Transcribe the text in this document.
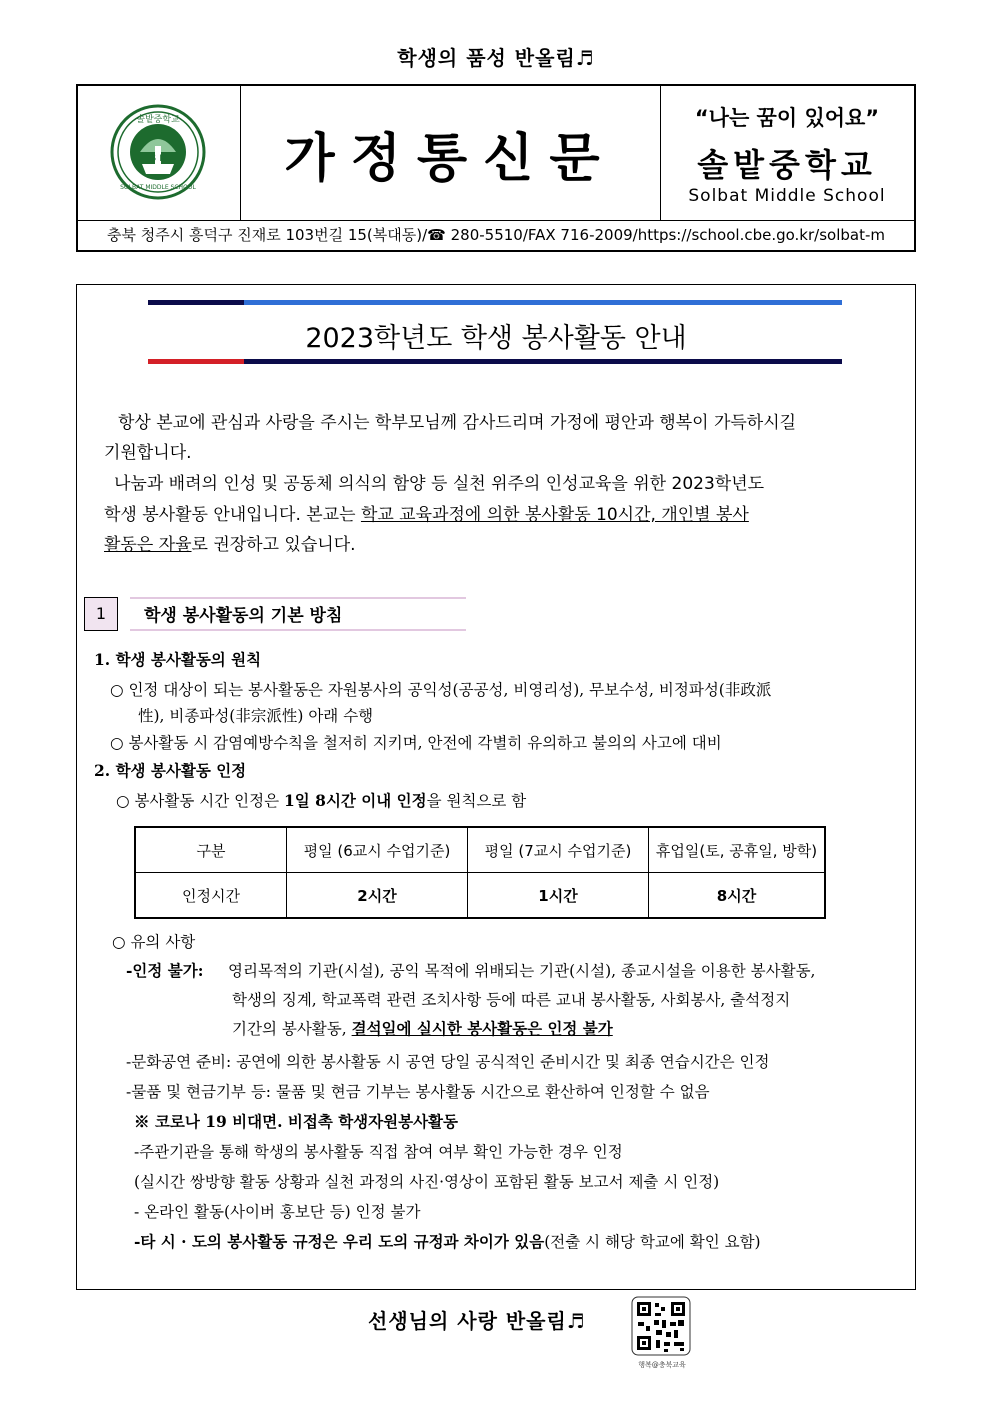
학생의 품성 반올림♬
솔밭중학교
SOLBAT MIDDLE SCHOOL
S B 가정통신문
“나는 꿈이 있어요”
솔밭중학교
Solbat Middle School
충북 청주시 흥덕구 진재로 103번길 15(복대동)/☎ 280-5510/FAX 716-2009/https://school.cbe.go.kr/solbat-m
2023학년도 학생 봉사활동 안내
항상 본교에 관심과 사랑을 주시는 학부모님께 감사드리며 가정에 평안과 행복이 가득하시길
기원합니다.
나눔과 배려의 인성 및 공동체 의식의 함양 등 실천 위주의 인성교육을 위한 2023학년도
학생 봉사활동 안내입니다. 본교는 학교 교육과정에 의한 봉사활동 10시간, 개인별 봉사
활동은 자율로 권장하고 있습니다.
1	학생 봉사활동의 기본 방침
1. 학생 봉사활동의 원칙
○ 인정 대상이 되는 봉사활동은 자원봉사의 공익성(공공성, 비영리성), 무보수성, 비정파성(非政派
性), 비종파성(非宗派性) 아래 수행
○ 봉사활동 시 감염예방수칙을 철저히 지키며, 안전에 각별히 유의하고 불의의 사고에 대비
2. 학생 봉사활동 인정
○ 봉사활동 시간 인정은 1일 8시간 이내 인정을 원칙으로 함
구분	평일 (6교시 수업기준)	평일 (7교시 수업기준)	휴업일(토, 공휴일, 방학)
인정시간	2시간	1시간	8시간
○ 유의 사항
-인정 불가: 영리목적의 기관(시설), 공익 목적에 위배되는 기관(시설), 종교시설을 이용한 봉사활동,
학생의 징계, 학교폭력 관련 조치사항 등에 따른 교내 봉사활동, 사회봉사, 출석정지
기간의 봉사활동, 결석일에 실시한 봉사활동은 인정 불가
-문화공연 준비: 공연에 의한 봉사활동 시 공연 당일 공식적인 준비시간 및 최종 연습시간은 인정
-물품 및 현금기부 등: 물품 및 현금 기부는 봉사활동 시간으로 환산하여 인정할 수 없음
※ 코로나 19 비대면. 비접촉 학생자원봉사활동
-주관기관을 통해 학생의 봉사활동 직접 참여 여부 확인 가능한 경우 인정
(실시간 쌍방향 활동 상황과 실천 과정의 사진·영상이 포함된 활동 보고서 제출 시 인정)
- 온라인 활동(사이버 홍보단 등) 인정 불가
-타 시 · 도의 봉사활동 규정은 우리 도의 규정과 차이가 있음(전출 시 해당 학교에 확인 요함)
선생님의 사랑 반올림♬
행복@충북교육
